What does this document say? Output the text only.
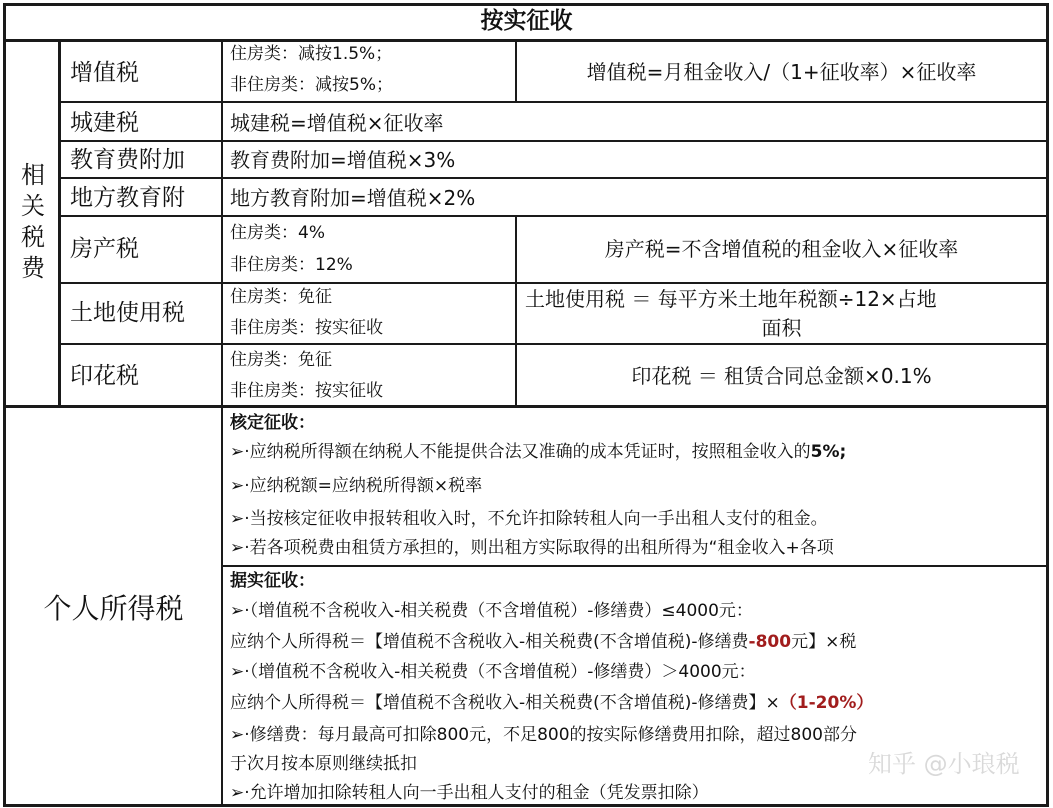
按实征收
相关税费
增值税
住房类：减按1.5%；
非住房类：减按5%；
增值税=月租金收入/（1+征收率）×征收率
城建税	城建税=增值税×征收率
教育费附加 教育费附加=增值税×3%
地方教育附 地方教育附加=增值税×2%
房产税
住房类：4%
非住房类：12%
房产税=不含增值税的租金收入×征收率
土地使用税
住房类：免征
非住房类：按实征收
土地使用税 ＝ 每平方米土地年税额÷12×占地
面积
印花税
住房类：免征
非住房类：按实征收
印花税 ＝ 租赁合同总金额×0.1%
个人所得税
核定征收：
➢·应纳税所得额在纳税人不能提供合法又准确的成本凭证时，按照租金收入的5%;
➢·应纳税额=应纳税所得额×税率
➢·当按核定征收申报转租收入时，不允许扣除转租人向一手出租人支付的租金。
➢·若各项税费由租赁方承担的，则出租方实际取得的出租所得为“租金收入+各项
据实征收：
➢·（增值税不含税收入-相关税费（不含增值税）-修缮费）≤4000元：
应纳个人所得税＝【增值税不含税收入-相关税费(不含增值税)-修缮费-800元】×税
➢·（增值税不含税收入-相关税费（不含增值税）-修缮费）＞4000元：
应纳个人所得税＝【增值税不含税收入-相关税费(不含增值税)-修缮费】×（1-20%）
➢·修缮费：每月最高可扣除800元，不足800的按实际修缮费用扣除，超过800部分
于次月按本原则继续抵扣
➢·允许增加扣除转租人向一手出租人支付的租金（凭发票扣除）
知乎 @小琅税
